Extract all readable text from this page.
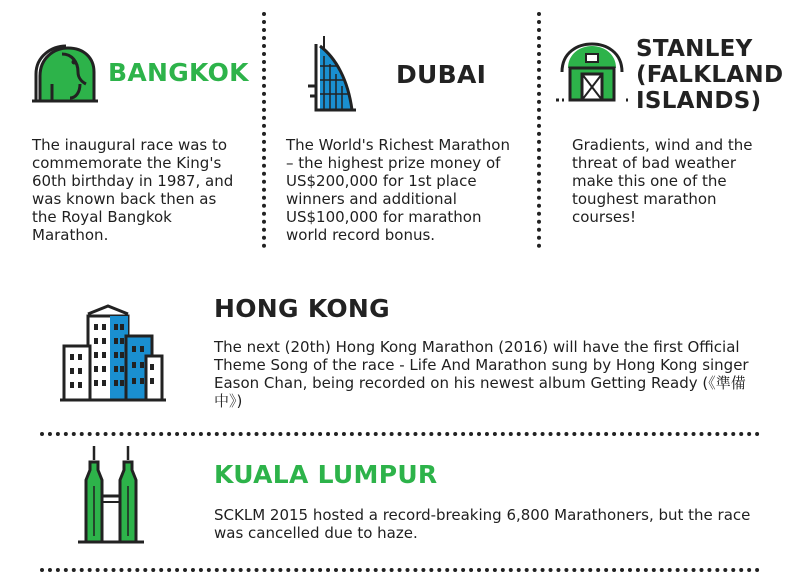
BANGKOK

The inaugural race was to commemorate the King's 60th birthday in 1987, and was known back then as the Royal Bangkok Marathon.

DUBAI

The World's Richest Marathon – the highest prize money of US$200,000 for 1st place winners and additional US$100,000 for marathon world record bonus.

STANLEY
(FALKLAND
ISLANDS)

Gradients, wind and the threat of bad weather make this one of the toughest marathon courses!

HONG KONG

The next (20th) Hong Kong Marathon (2016) will have the first Official Theme Song of the race - Life And Marathon sung by Hong Kong singer Eason Chan, being recorded on his newest album Getting Ready (《準備中》)

KUALA LUMPUR

SCKLM 2015 hosted a record-breaking 6,800 Marathoners, but the race was cancelled due to haze.
